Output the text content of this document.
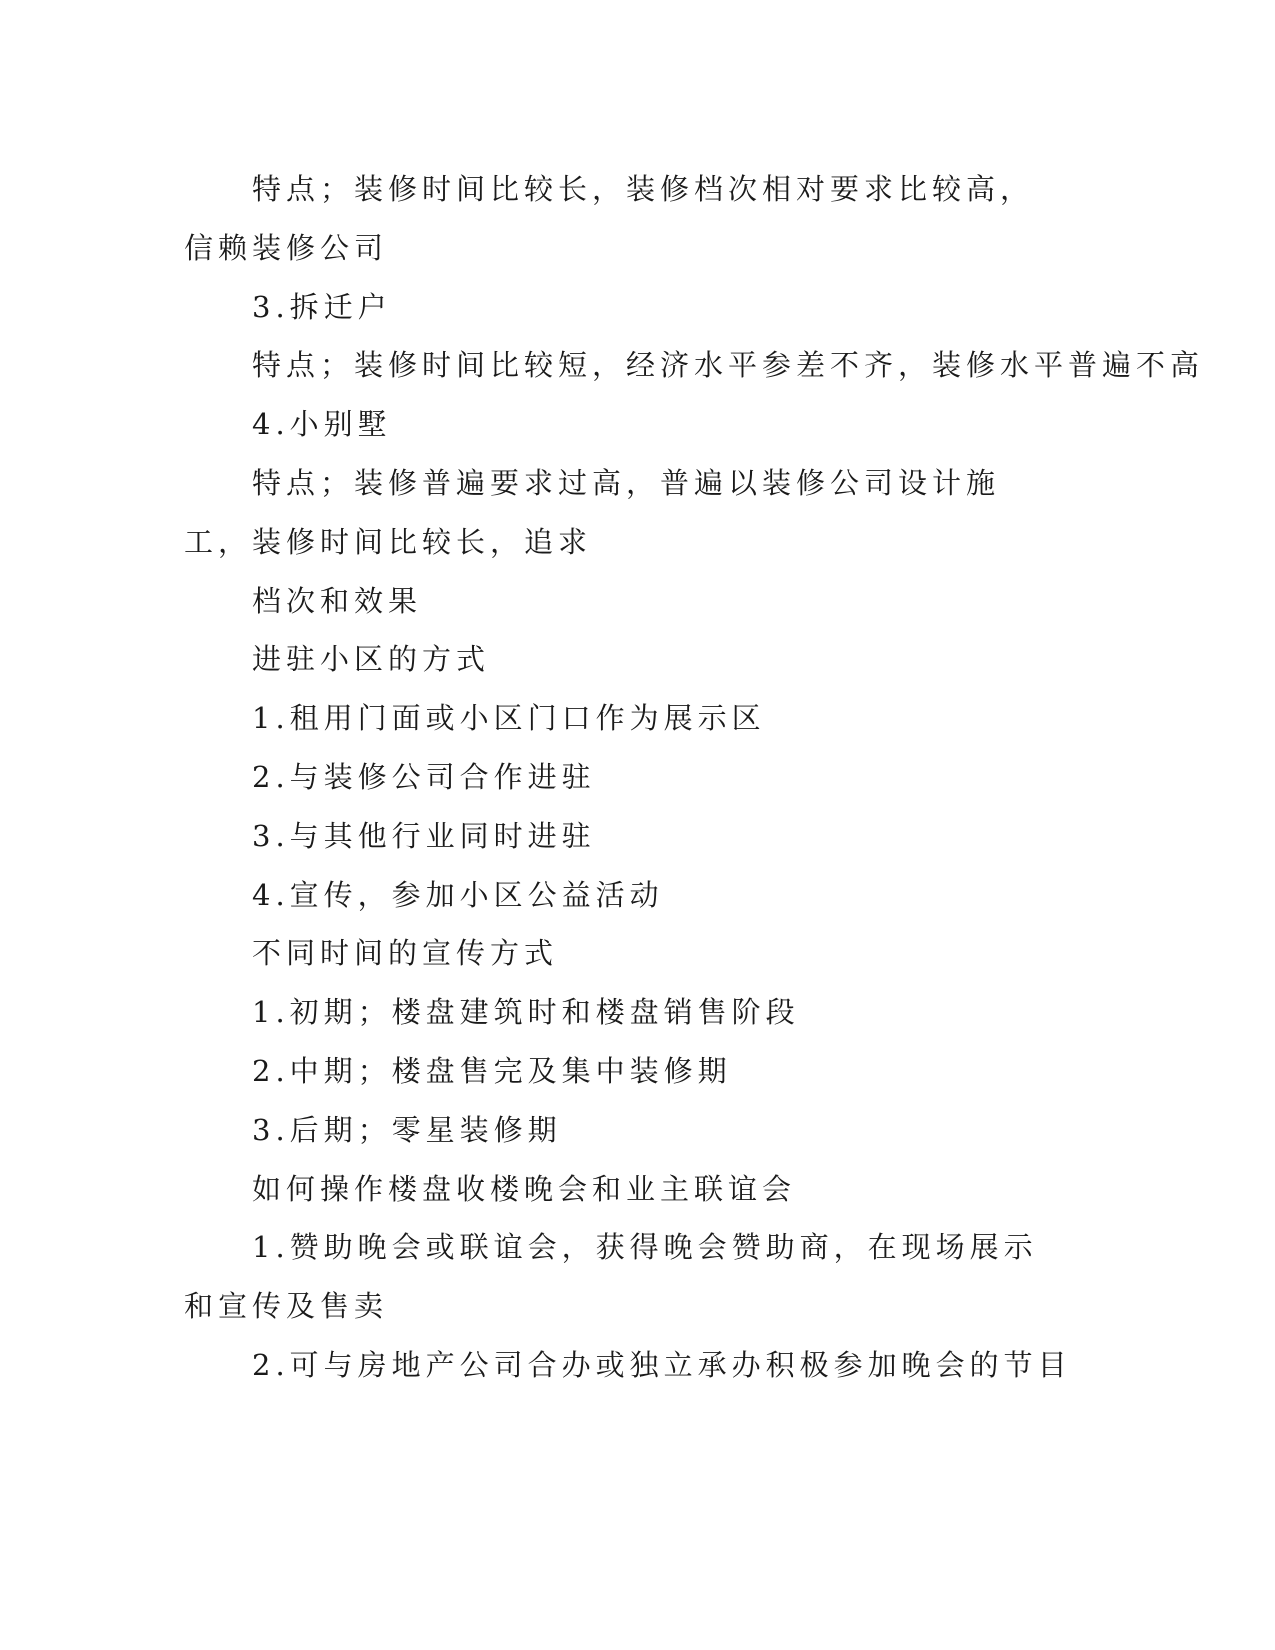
特点；装修时间比较长，装修档次相对要求比较高，信赖装修公司

3.拆迁户

特点；装修时间比较短，经济水平参差不齐，装修水平普遍不高

4.小别墅

特点；装修普遍要求过高，普遍以装修公司设计施工，装修时间比较长，追求

档次和效果

进驻小区的方式

1.租用门面或小区门口作为展示区

2.与装修公司合作进驻

3.与其他行业同时进驻

4.宣传，参加小区公益活动

不同时间的宣传方式

1.初期；楼盘建筑时和楼盘销售阶段

2.中期；楼盘售完及集中装修期

3.后期；零星装修期

如何操作楼盘收楼晚会和业主联谊会

1.赞助晚会或联谊会，获得晚会赞助商，在现场展示和宣传及售卖

2.可与房地产公司合办或独立承办积极参加晚会的节目
